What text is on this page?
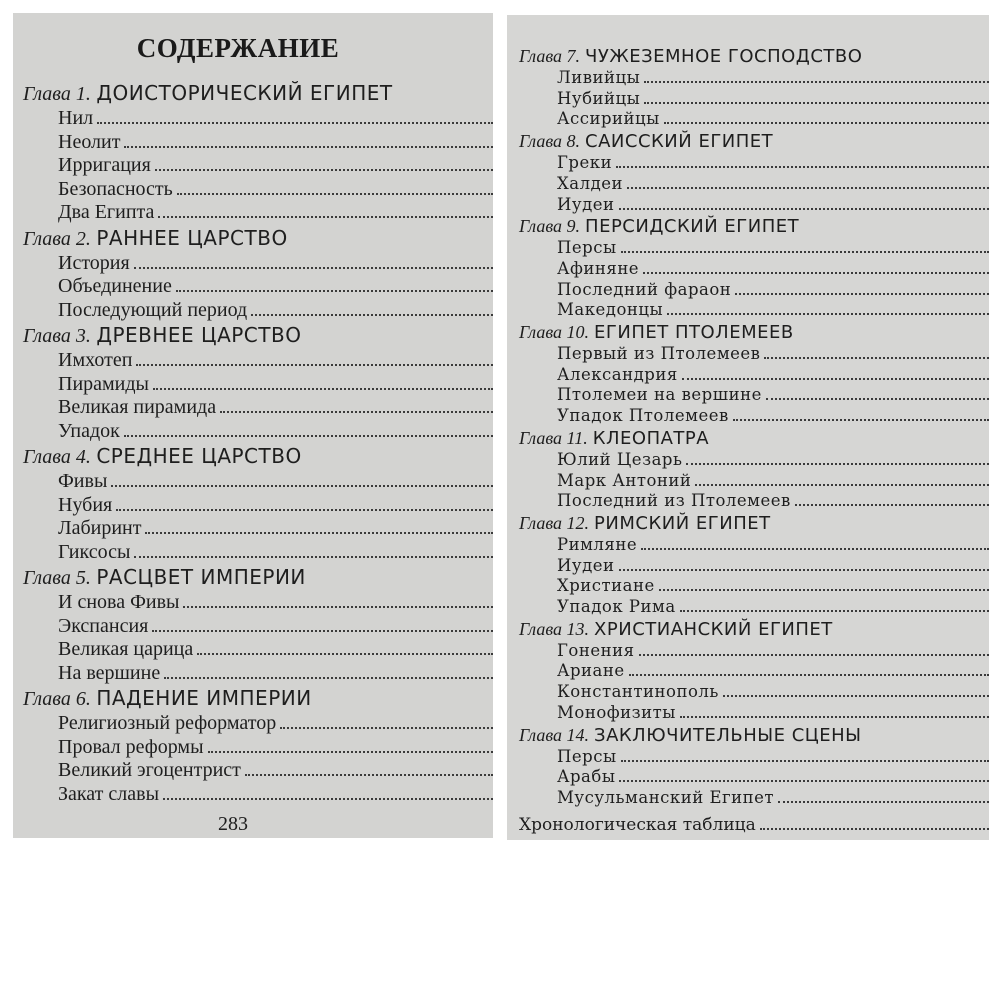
СОДЕРЖАНИЕ
Глава 1. ДОИСТОРИЧЕСКИЙ ЕГИПЕТ
Нил
Неолит
Ирригация
Безопасность
Два Египта
Глава 2. РАННЕЕ ЦАРСТВО
История
Объединение
Последующий период
Глава 3. ДРЕВНЕЕ ЦАРСТВО
Имхотеп
Пирамиды
Великая пирамида
Упадок
Глава 4. СРЕДНЕЕ ЦАРСТВО
Фивы
Нубия
Лабиринт
Гиксосы
Глава 5. РАСЦВЕТ ИМПЕРИИ
И снова Фивы
Экспансия
Великая царица
На вершине
Глава 6. ПАДЕНИЕ ИМПЕРИИ
Религиозный реформатор
Провал реформы
Великий эгоцентрист
Закат славы
283
Глава 7. ЧУЖЕЗЕМНОЕ ГОСПОДСТВО
Ливийцы
Нубийцы
Ассирийцы
Глава 8. САИССКИЙ ЕГИПЕТ
Греки
Халдеи
Иудеи
Глава 9. ПЕРСИДСКИЙ ЕГИПЕТ
Персы
Афиняне
Последний фараон
Македонцы
Глава 10. ЕГИПЕТ ПТОЛЕМЕЕВ
Первый из Птолемеев
Александрия
Птолемеи на вершине
Упадок Птолемеев
Глава 11. КЛЕОПАТРА
Юлий Цезарь
Марк Антоний
Последний из Птолемеев
Глава 12. РИМСКИЙ ЕГИПЕТ
Римляне
Иудеи
Христиане
Упадок Рима
Глава 13. ХРИСТИАНСКИЙ ЕГИПЕТ
Гонения
Ариане
Константинополь
Монофизиты
Глава 14. ЗАКЛЮЧИТЕЛЬНЫЕ СЦЕНЫ
Персы
Арабы
Мусульманский Египет
Хронологическая таблица
